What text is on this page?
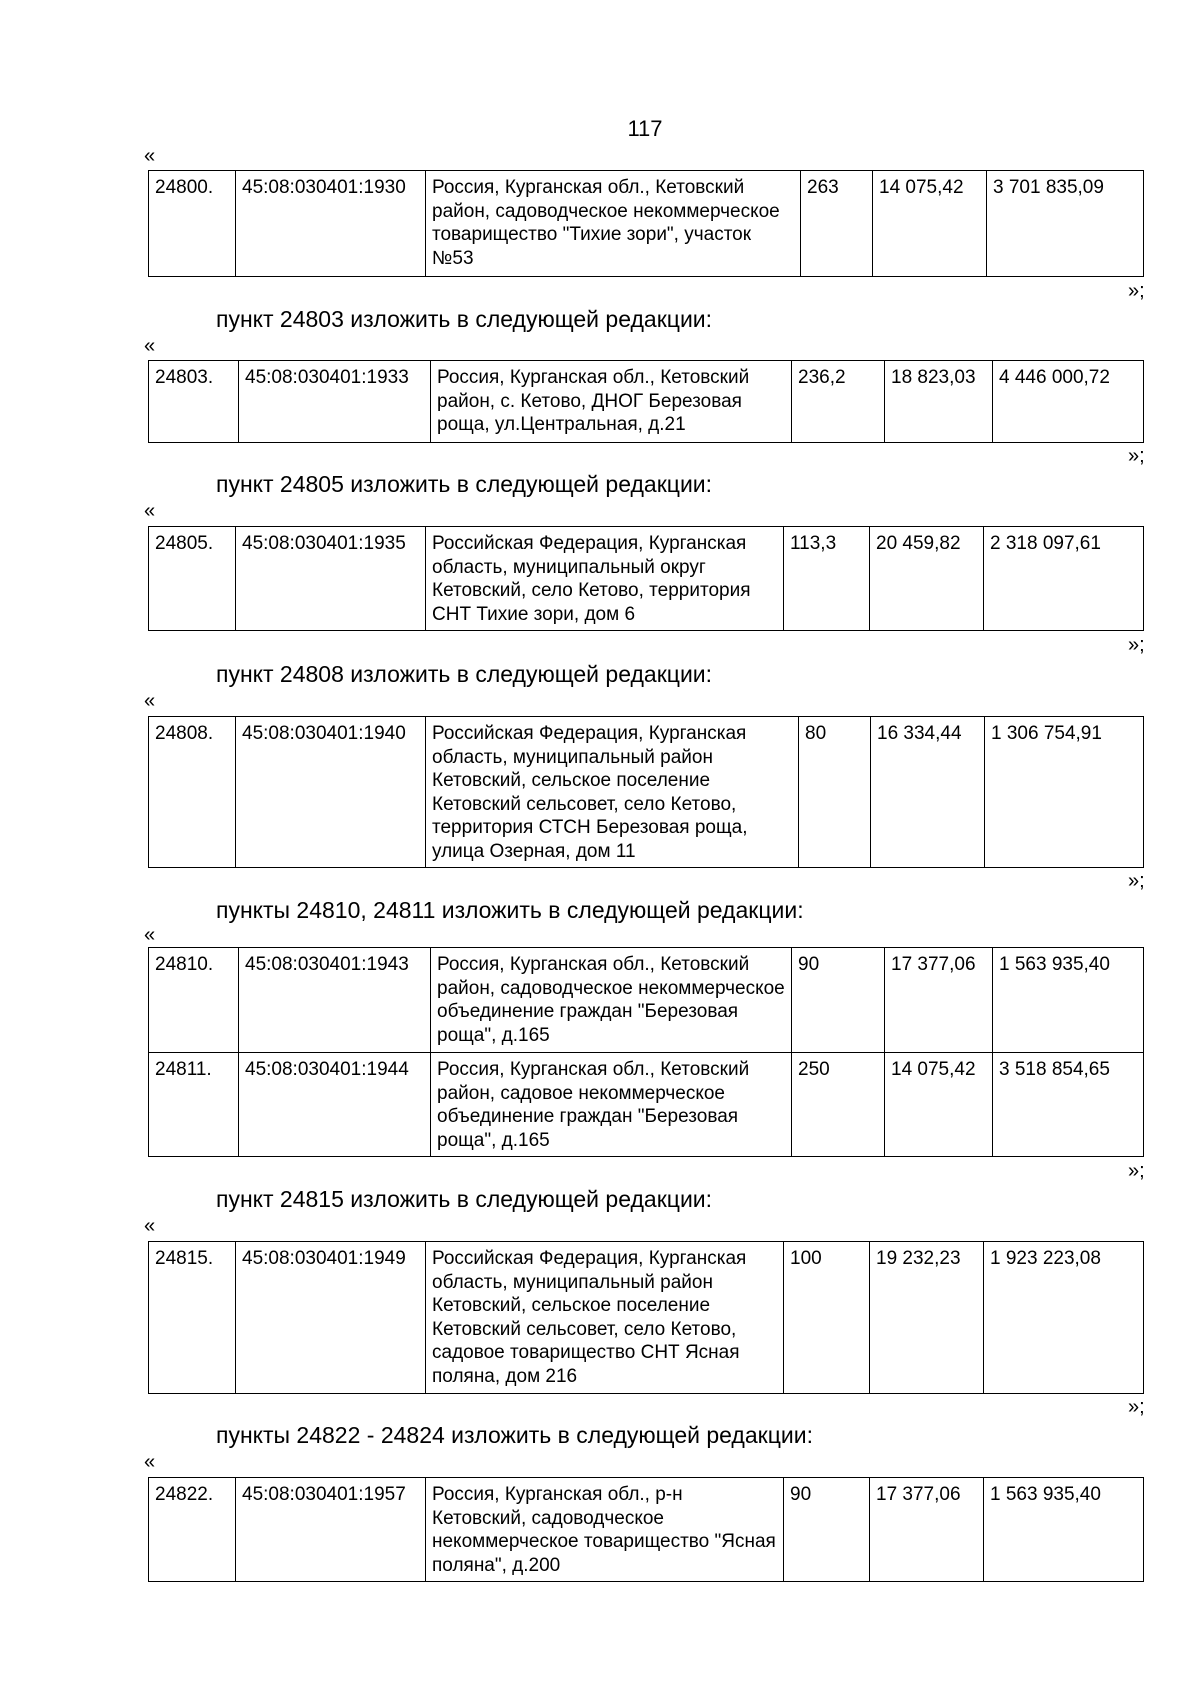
117
«
24800.	45:08:030401:1930	Россия, Курганская обл., Кетовский район, садоводческое некоммерческое товарищество "Тихие зори", участок №53	263	14 075,42	3 701 835,09
»;
пункт 24803 изложить в следующей редакции:
«
24803.	45:08:030401:1933	Россия, Курганская обл., Кетовский район, с. Кетово, ДНОГ Березовая роща, ул.Центральная, д.21	236,2	18 823,03	4 446 000,72
»;
пункт 24805 изложить в следующей редакции:
«
24805.	45:08:030401:1935	Российская Федерация, Курганская область, муниципальный округ Кетовский, село Кетово, территория СНТ Тихие зори, дом 6	113,3	20 459,82	2 318 097,61
»;
пункт 24808 изложить в следующей редакции:
«
24808.	45:08:030401:1940	Российская Федерация, Курганская область, муниципальный район Кетовский, сельское поселение Кетовский сельсовет, село Кетово, территория СТСН Березовая роща, улица Озерная, дом 11	80	16 334,44	1 306 754,91
»;
пункты 24810, 24811 изложить в следующей редакции:
«
24810.	45:08:030401:1943	Россия, Курганская обл., Кетовский район, садоводческое некоммерческое объединение граждан "Березовая роща", д.165	90	17 377,06	1 563 935,40
24811.	45:08:030401:1944	Россия, Курганская обл., Кетовский район, садовое некоммерческое объединение граждан "Березовая роща", д.165	250	14 075,42	3 518 854,65
»;
пункт 24815 изложить в следующей редакции:
«
24815.	45:08:030401:1949	Российская Федерация, Курганская область, муниципальный район Кетовский, сельское поселение Кетовский сельсовет, село Кетово, садовое товарищество СНТ Ясная поляна, дом 216	100	19 232,23	1 923 223,08
»;
пункты 24822 - 24824 изложить в следующей редакции:
«
24822.	45:08:030401:1957	Россия, Курганская обл., р-н Кетовский, садоводческое некоммерческое товарищество "Ясная поляна", д.200	90	17 377,06	1 563 935,40
